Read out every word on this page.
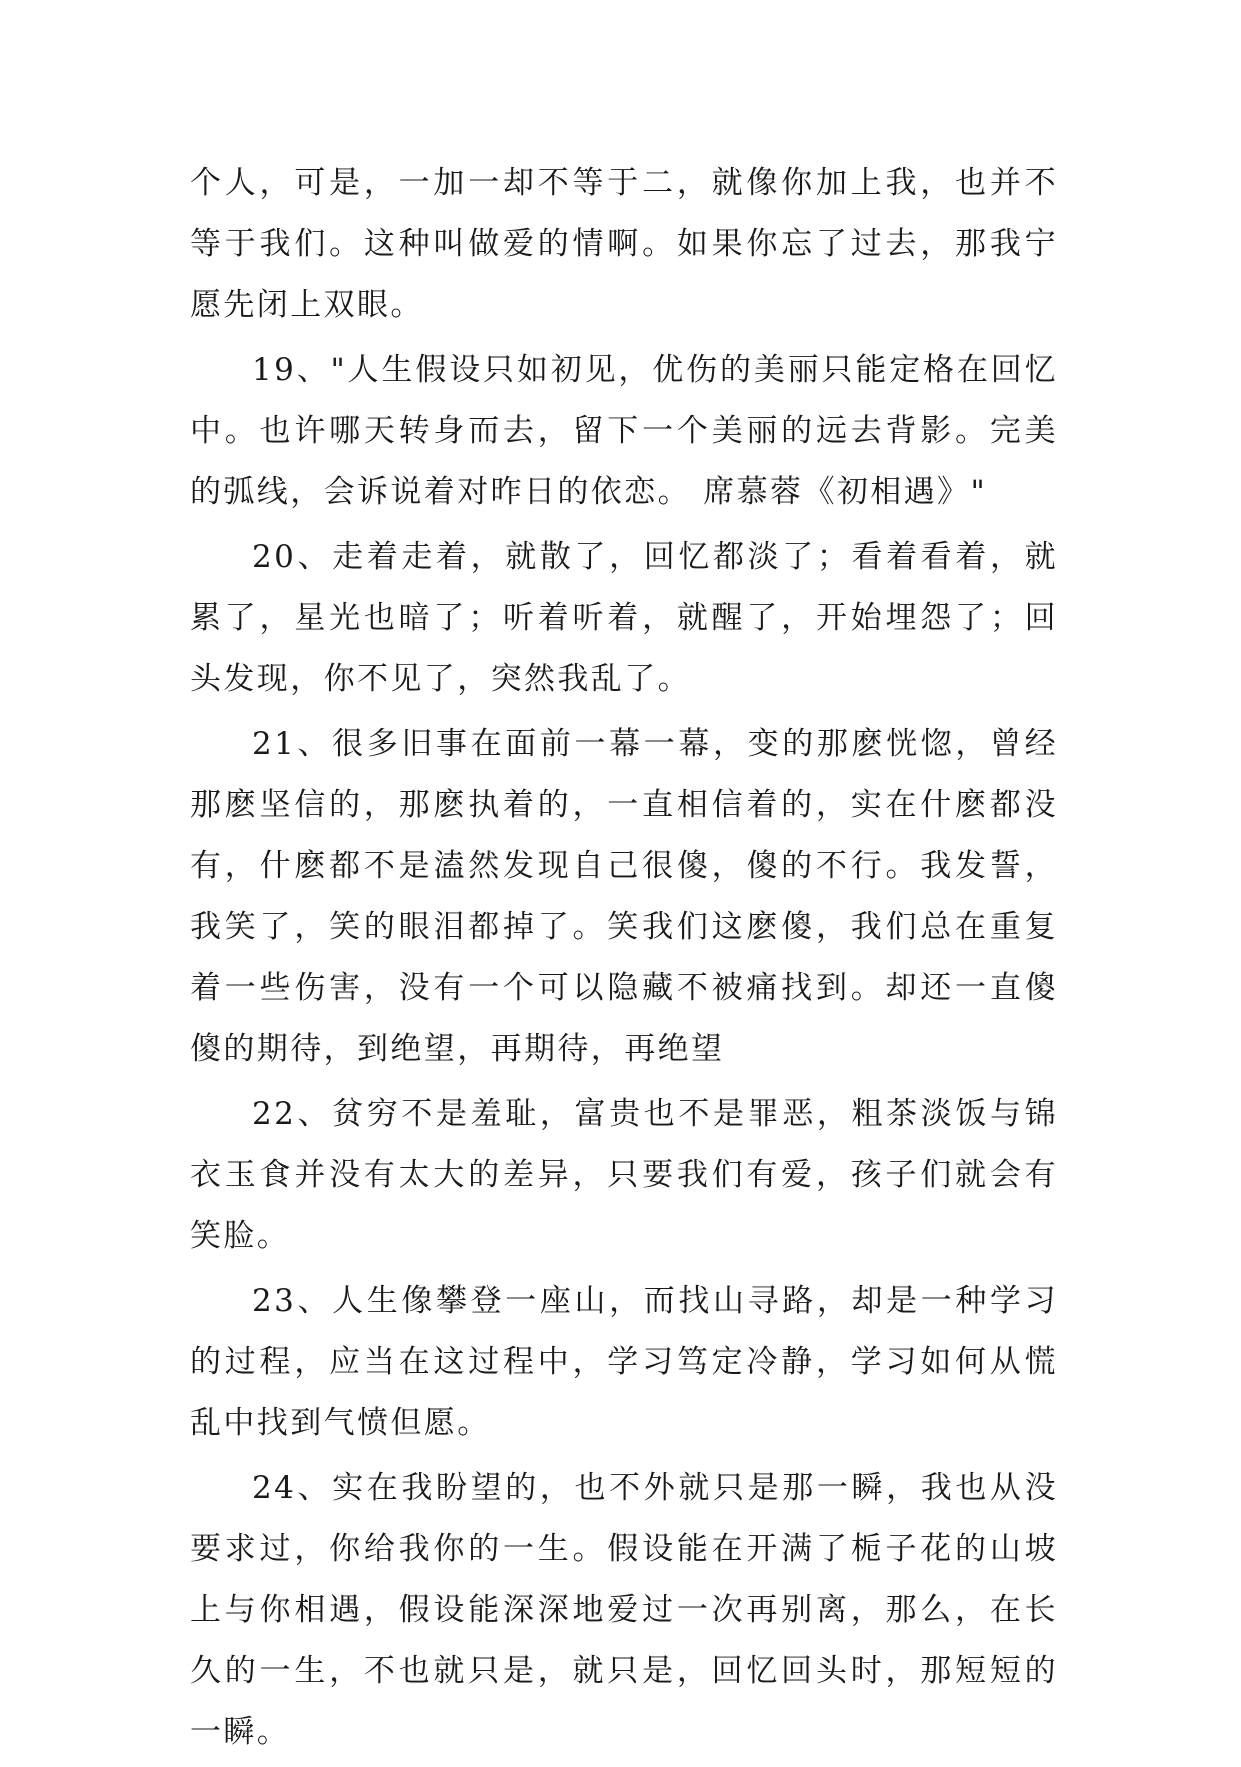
个人，可是，一加一却不等于二，就像你加上我，也并不等于我们。这种叫做爱的情啊。如果你忘了过去，那我宁愿先闭上双眼。

19、"人生假设只如初见，优伤的美丽只能定格在回忆中。也许哪天转身而去，留下一个美丽的远去背影。完美的弧线，会诉说着对昨日的依恋。 席慕蓉《初相遇》"

20、走着走着，就散了，回忆都淡了；看着看着，就累了，星光也暗了；听着听着，就醒了，开始埋怨了；回头发现，你不见了，突然我乱了。

21、很多旧事在面前一幕一幕，变的那麽恍惚，曾经那麽坚信的，那麽执着的，一直相信着的，实在什麽都没有，什麽都不是溘然发现自己很傻，傻的不行。我发誓，我笑了，笑的眼泪都掉了。笑我们这麽傻，我们总在重复着一些伤害，没有一个可以隐藏不被痛找到。却还一直傻傻的期待，到绝望，再期待，再绝望

22、贫穷不是羞耻，富贵也不是罪恶，粗茶淡饭与锦衣玉食并没有太大的差异，只要我们有爱，孩子们就会有笑脸。

23、人生像攀登一座山，而找山寻路，却是一种学习的过程，应当在这过程中，学习笃定冷静，学习如何从慌乱中找到气愤但愿。

24、实在我盼望的，也不外就只是那一瞬，我也从没要求过，你给我你的一生。假设能在开满了栀子花的山坡上与你相遇，假设能深深地爱过一次再别离，那么，在长久的一生，不也就只是，就只是，回忆回头时，那短短的一瞬。
